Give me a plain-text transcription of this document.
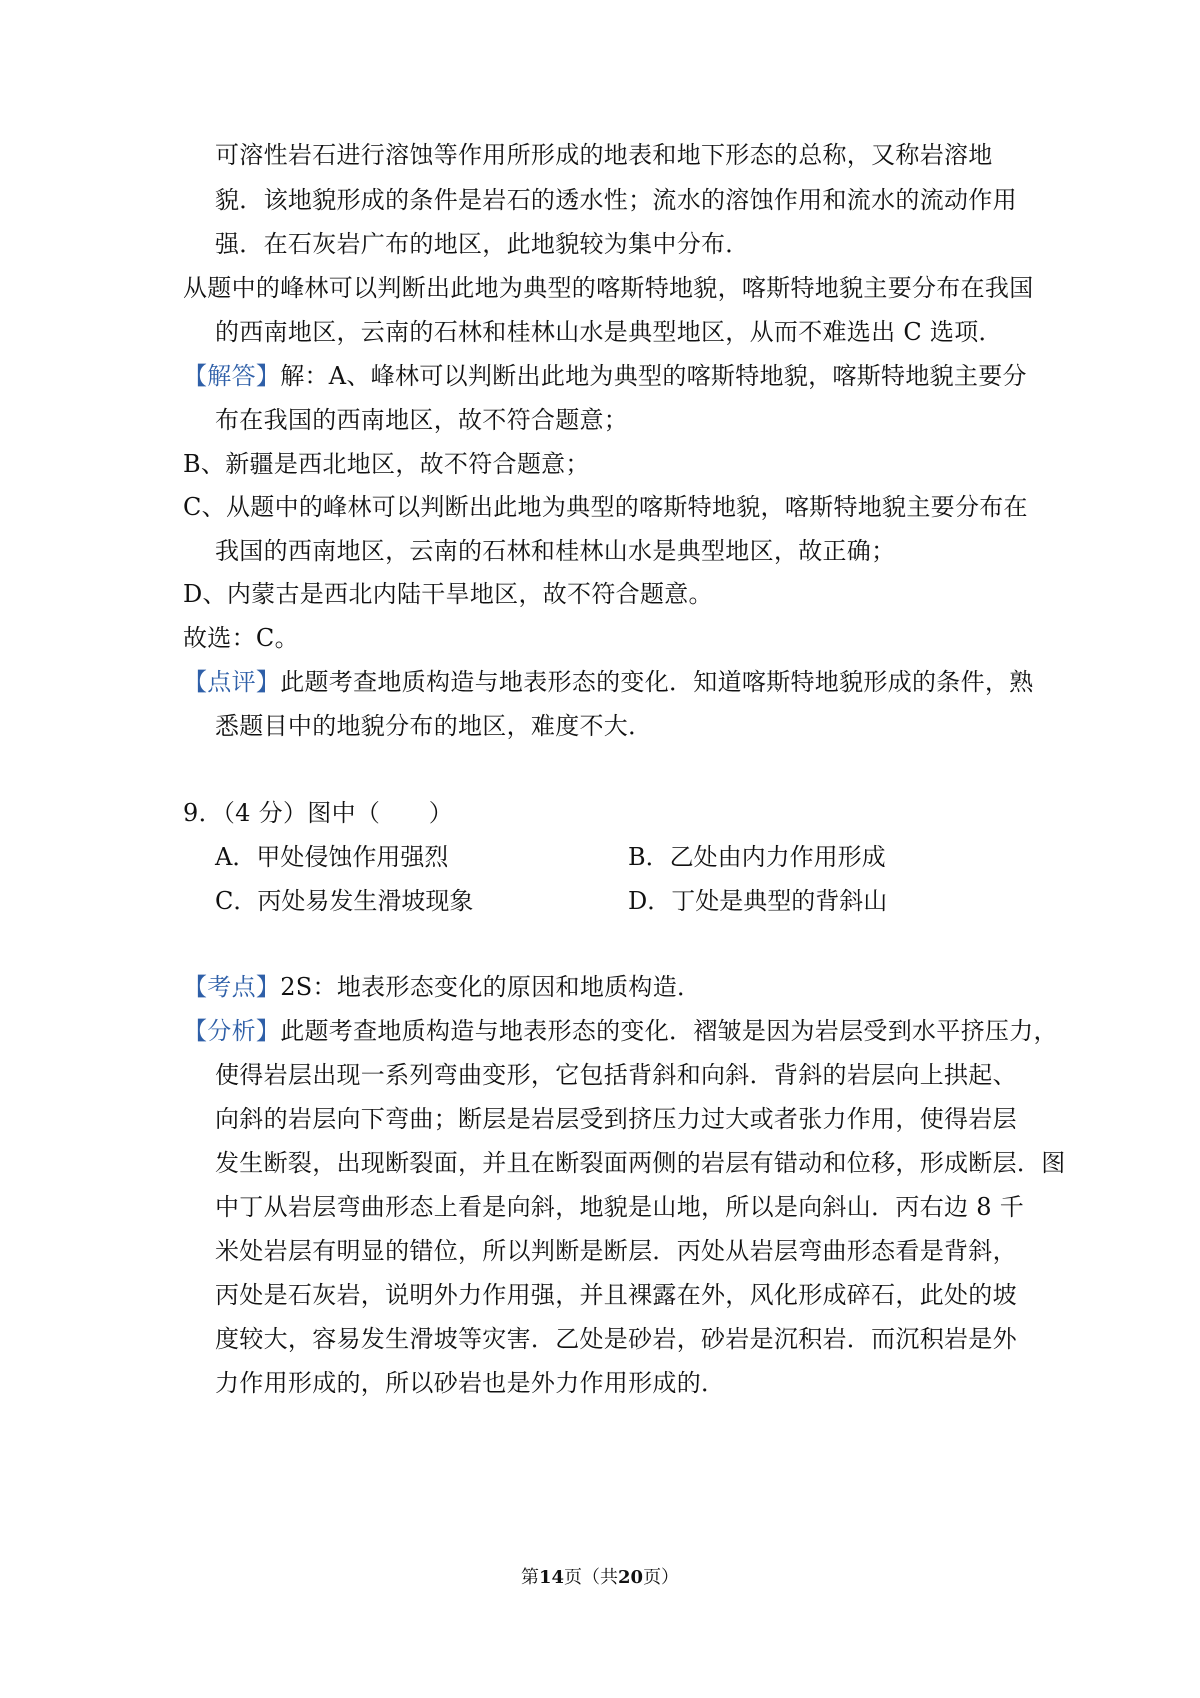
可溶性岩石进行溶蚀等作用所形成的地表和地下形态的总称，又称岩溶地
貌．该地貌形成的条件是岩石的透水性；流水的溶蚀作用和流水的流动作用
强．在石灰岩广布的地区，此地貌较为集中分布．
从题中的峰林可以判断出此地为典型的喀斯特地貌，喀斯特地貌主要分布在我国
的西南地区，云南的石林和桂林山水是典型地区，从而不难选出 C 选项．
【解答】解：A、峰林可以判断出此地为典型的喀斯特地貌，喀斯特地貌主要分
布在我国的西南地区，故不符合题意；
B、新疆是西北地区，故不符合题意；
C、从题中的峰林可以判断出此地为典型的喀斯特地貌，喀斯特地貌主要分布在
我国的西南地区，云南的石林和桂林山水是典型地区，故正确；
D、内蒙古是西北内陆干旱地区，故不符合题意。
故选：C。
【点评】此题考查地质构造与地表形态的变化．知道喀斯特地貌形成的条件，熟
悉题目中的地貌分布的地区，难度不大．
9．（4 分）图中（　　）
A．甲处侵蚀作用强烈	B．乙处由内力作用形成
C．丙处易发生滑坡现象	D．丁处是典型的背斜山
【考点】2S：地表形态变化的原因和地质构造．
【分析】此题考查地质构造与地表形态的变化．褶皱是因为岩层受到水平挤压力，
使得岩层出现一系列弯曲变形，它包括背斜和向斜．背斜的岩层向上拱起、
向斜的岩层向下弯曲；断层是岩层受到挤压力过大或者张力作用，使得岩层
发生断裂，出现断裂面，并且在断裂面两侧的岩层有错动和位移，形成断层．图
中丁从岩层弯曲形态上看是向斜，地貌是山地，所以是向斜山．丙右边 8 千
米处岩层有明显的错位，所以判断是断层．丙处从岩层弯曲形态看是背斜，
丙处是石灰岩，说明外力作用强，并且裸露在外，风化形成碎石，此处的坡
度较大，容易发生滑坡等灾害．乙处是砂岩，砂岩是沉积岩．而沉积岩是外
力作用形成的，所以砂岩也是外力作用形成的．
第14页（共20页）
